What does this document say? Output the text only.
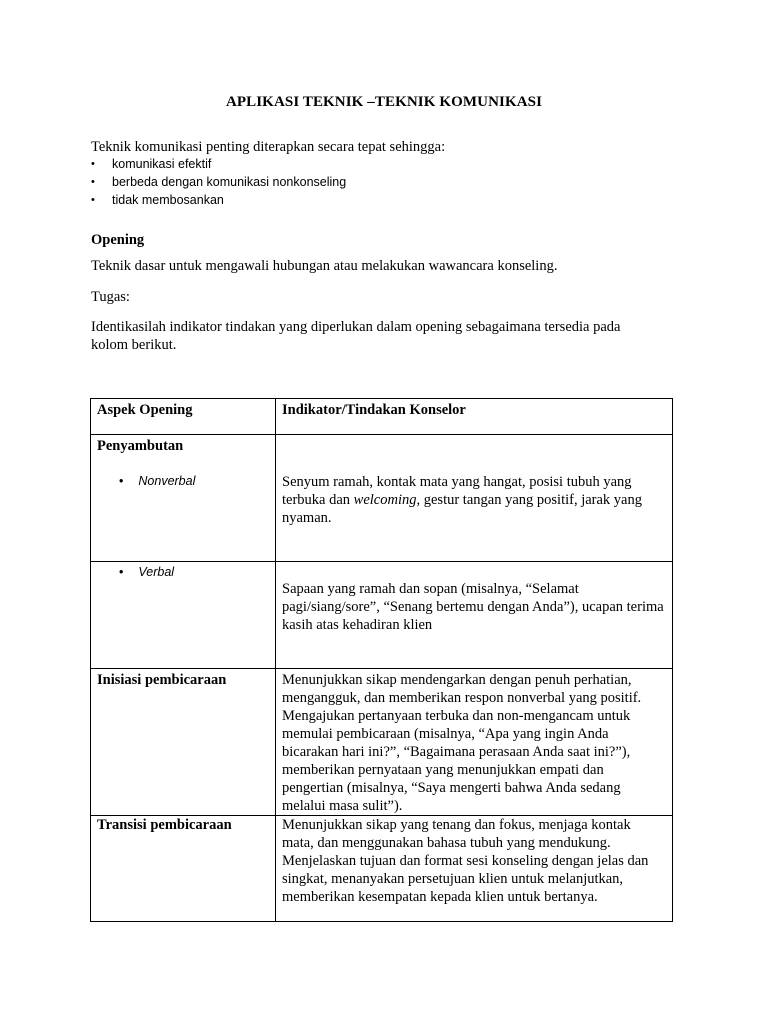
APLIKASI TEKNIK –TEKNIK KOMUNIKASI
Teknik komunikasi penting diterapkan secara tepat sehingga:
• komunikasi efektif
• berbeda dengan komunikasi nonkonseling
• tidak membosankan
Opening
Teknik dasar untuk mengawali hubungan atau melakukan wawancara konseling.
Tugas:
Identikasilah indikator tindakan yang diperlukan dalam opening sebagaimana tersedia pada kolom berikut.
Aspek Opening	Indikator/Tindakan Konselor

Penyambutan
• Nonverbal	Senyum ramah, kontak mata yang hangat, posisi tubuh yang terbuka dan welcoming, gestur tangan yang positif, jarak yang nyaman.

• Verbal	Sapaan yang ramah dan sopan (misalnya, “Selamat pagi/siang/sore”, “Senang bertemu dengan Anda”), ucapan terima kasih atas kehadiran klien

Inisiasi pembicaraan	Menunjukkan sikap mendengarkan dengan penuh perhatian, mengangguk, dan memberikan respon nonverbal yang positif. Mengajukan pertanyaan terbuka dan non-mengancam untuk memulai pembicaraan (misalnya, “Apa yang ingin Anda bicarakan hari ini?”, “Bagaimana perasaan Anda saat ini?”), memberikan pernyataan yang menunjukkan empati dan pengertian (misalnya, “Saya mengerti bahwa Anda sedang melalui masa sulit”).

Transisi pembicaraan	Menunjukkan sikap yang tenang dan fokus, menjaga kontak mata, dan menggunakan bahasa tubuh yang mendukung. Menjelaskan tujuan dan format sesi konseling dengan jelas dan singkat, menanyakan persetujuan klien untuk melanjutkan, memberikan kesempatan kepada klien untuk bertanya.
